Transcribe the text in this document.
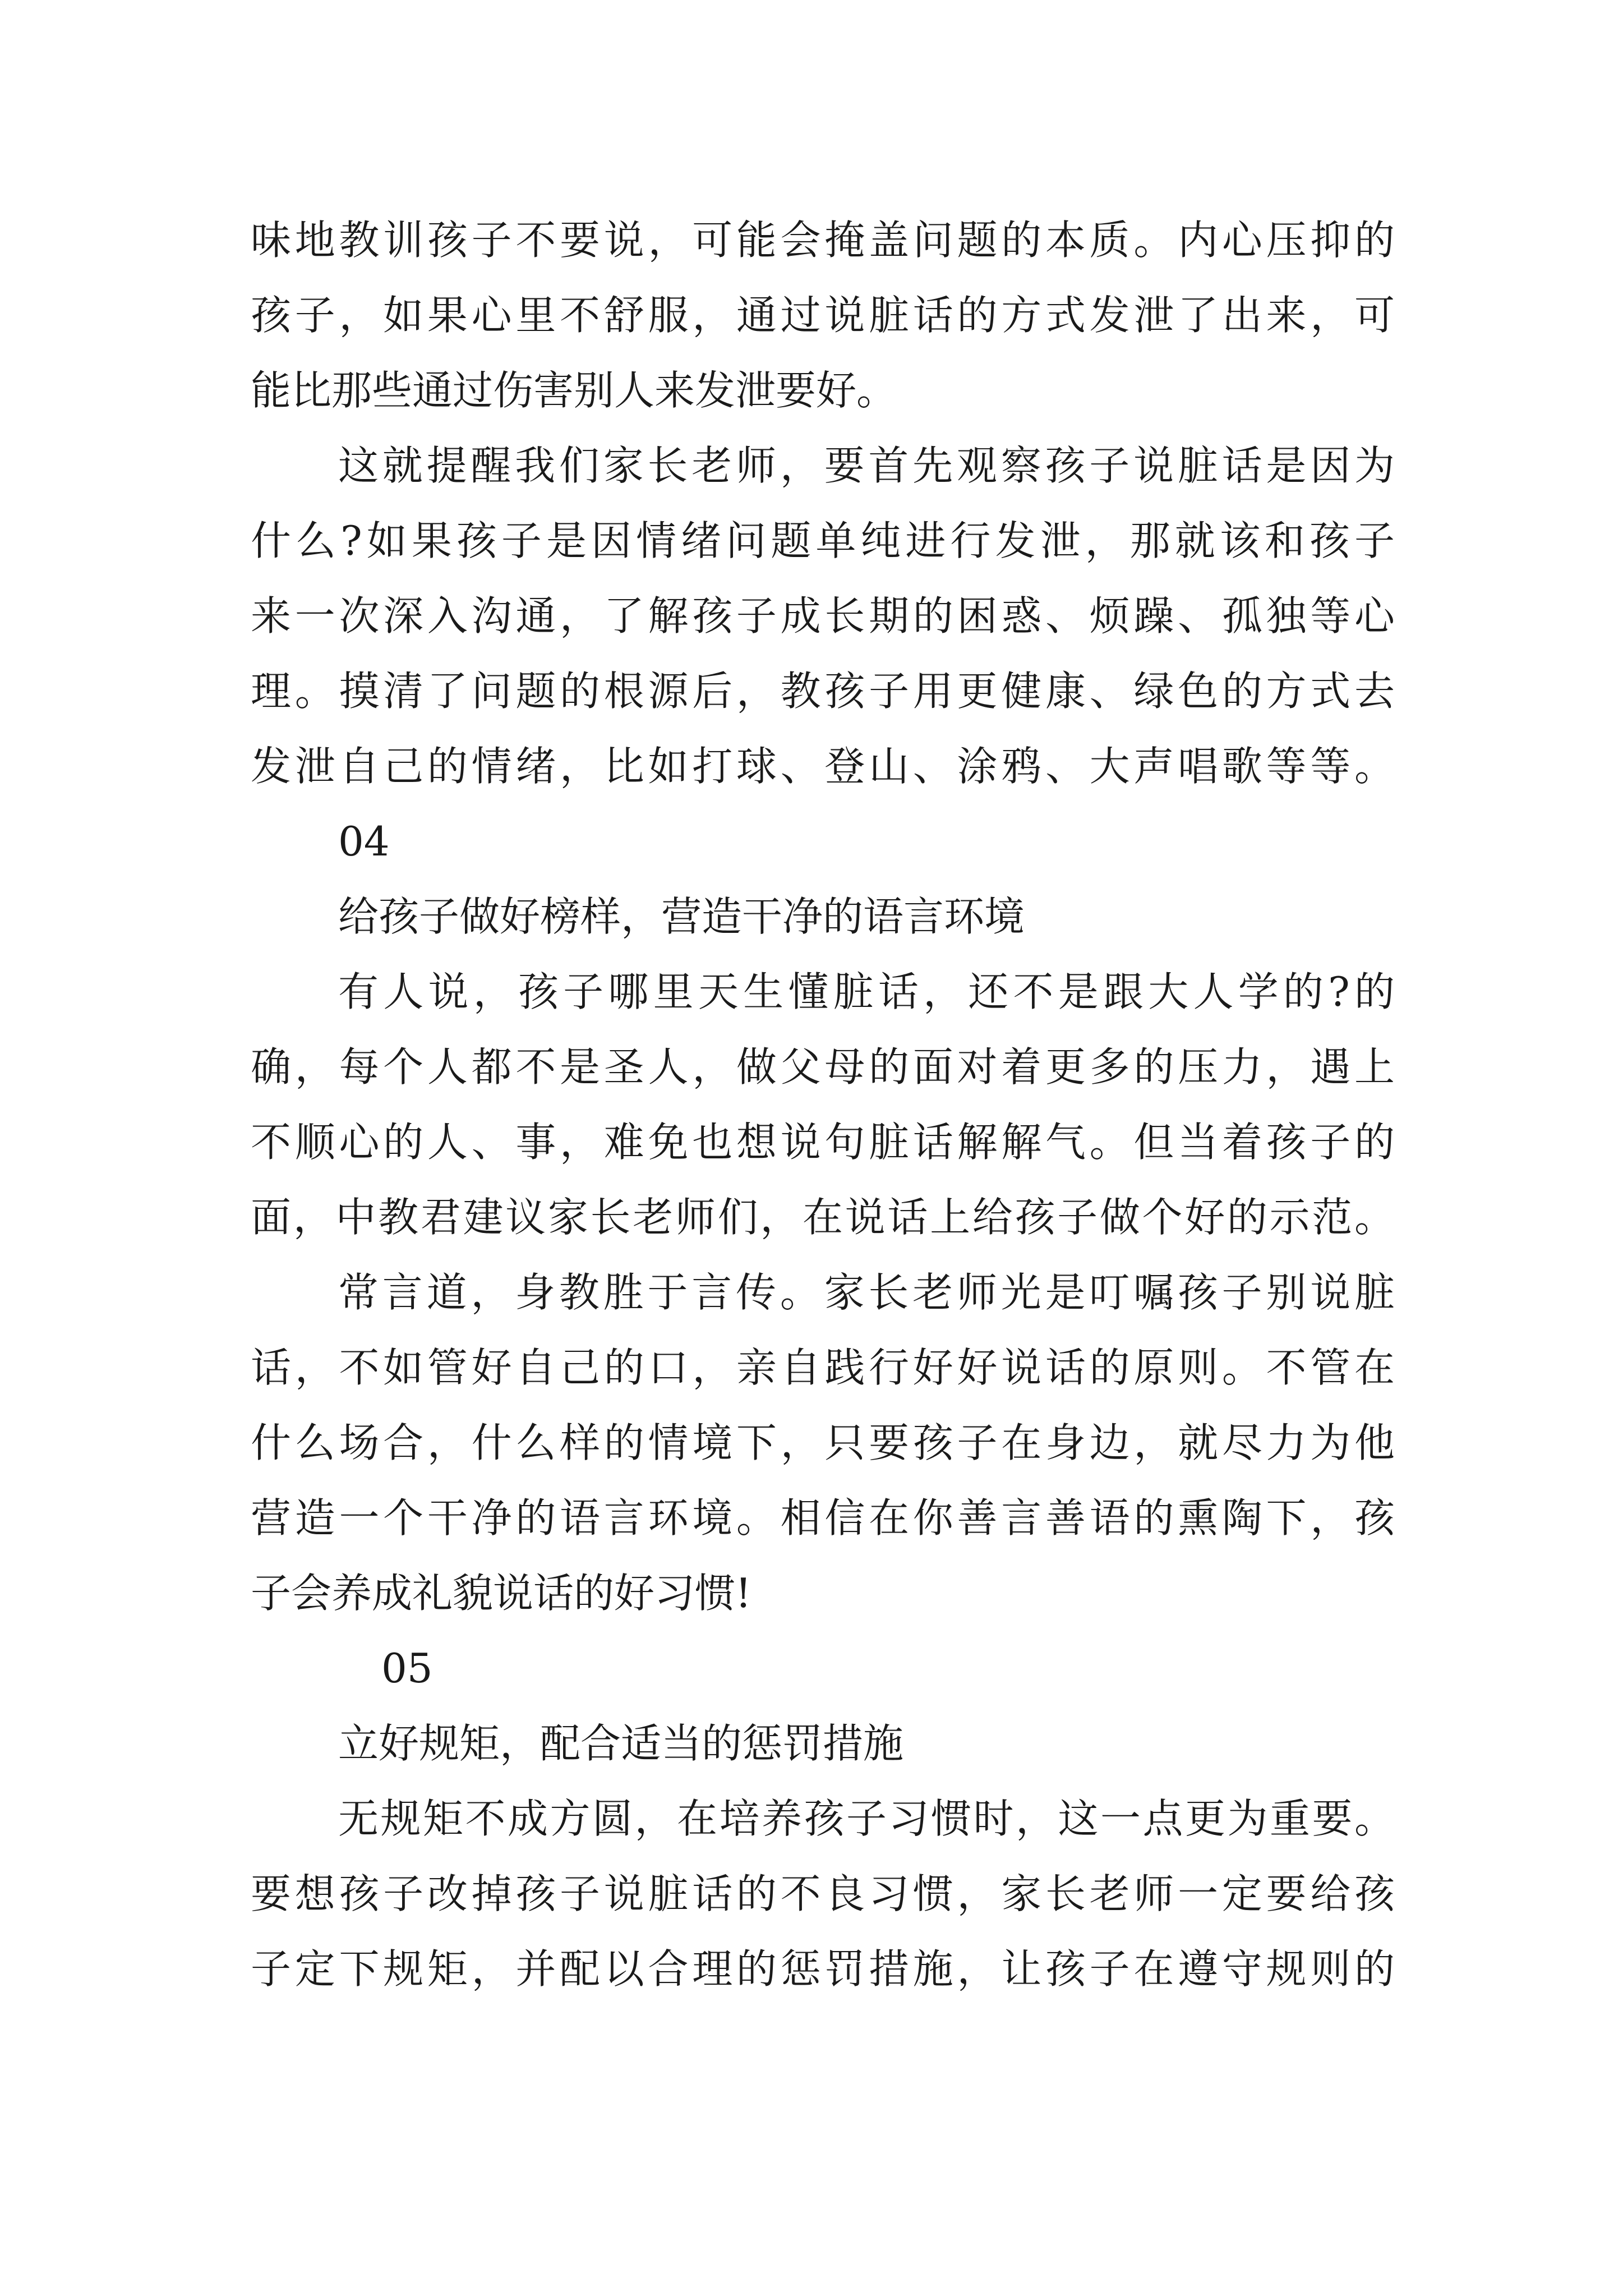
味地教训孩子不要说，可能会掩盖问题的本质。内心压抑的
孩子，如果心里不舒服，通过说脏话的方式发泄了出来，可
能比那些通过伤害别人来发泄要好。
这就提醒我们家长老师，要首先观察孩子说脏话是因为
什么?如果孩子是因情绪问题单纯进行发泄，那就该和孩子
来一次深入沟通，了解孩子成长期的困惑、烦躁、孤独等心
理。摸清了问题的根源后，教孩子用更健康、绿色的方式去
发泄自己的情绪，比如打球、登山、涂鸦、大声唱歌等等。
04
给孩子做好榜样，营造干净的语言环境
有人说，孩子哪里天生懂脏话，还不是跟大人学的?的
确，每个人都不是圣人，做父母的面对着更多的压力，遇上
不顺心的人、事，难免也想说句脏话解解气。但当着孩子的
面，中教君建议家长老师们，在说话上给孩子做个好的示范。
常言道，身教胜于言传。家长老师光是叮嘱孩子别说脏
话，不如管好自己的口，亲自践行好好说话的原则。不管在
什么场合，什么样的情境下，只要孩子在身边，就尽力为他
营造一个干净的语言环境。相信在你善言善语的熏陶下，孩
子会养成礼貌说话的好习惯!
05
立好规矩，配合适当的惩罚措施
无规矩不成方圆，在培养孩子习惯时，这一点更为重要。
要想孩子改掉孩子说脏话的不良习惯，家长老师一定要给孩
子定下规矩，并配以合理的惩罚措施，让孩子在遵守规则的
